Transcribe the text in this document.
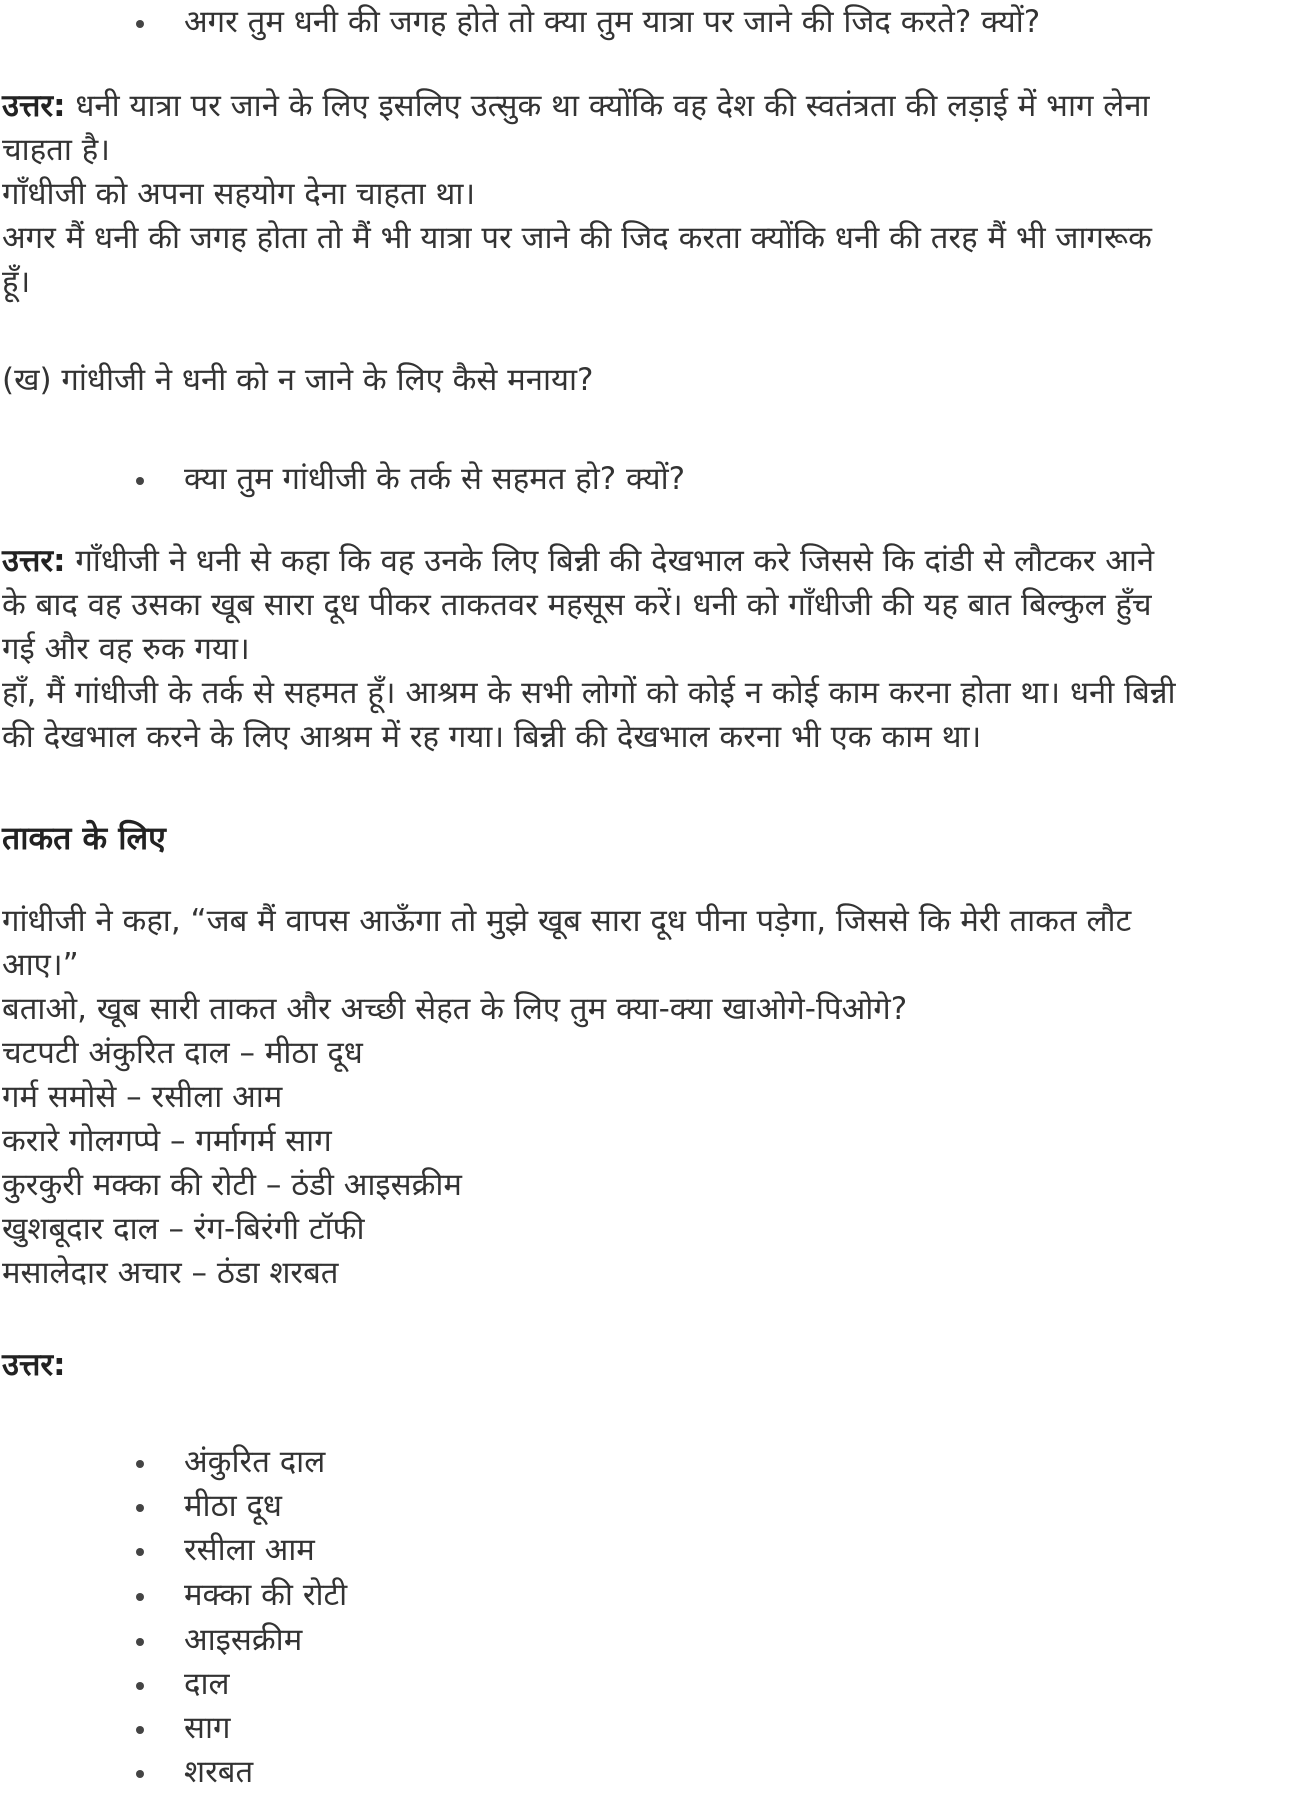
अगर तुम धनी की जगह होते तो क्या तुम यात्रा पर जाने की जिद करते? क्यों?
उत्तर: धनी यात्रा पर जाने के लिए इसलिए उत्सुक था क्योंकि वह देश की स्वतंत्रता की लड़ाई में भाग लेना
चाहता है।
गाँधीजी को अपना सहयोग देना चाहता था।
अगर मैं धनी की जगह होता तो मैं भी यात्रा पर जाने की जिद करता क्योंकि धनी की तरह मैं भी जागरूक
हूँ।
(ख) गांधीजी ने धनी को न जाने के लिए कैसे मनाया?
क्या तुम गांधीजी के तर्क से सहमत हो? क्यों?
उत्तर: गाँधीजी ने धनी से कहा कि वह उनके लिए बिन्नी की देखभाल करे जिससे कि दांडी से लौटकर आने
के बाद वह उसका खूब सारा दूध पीकर ताकतवर महसूस करें। धनी को गाँधीजी की यह बात बिल्कुल हुँच
गई और वह रुक गया।
हाँ, मैं गांधीजी के तर्क से सहमत हूँ। आश्रम के सभी लोगों को कोई न कोई काम करना होता था। धनी बिन्नी
की देखभाल करने के लिए आश्रम में रह गया। बिन्नी की देखभाल करना भी एक काम था।
ताकत के लिए
गांधीजी ने कहा, “जब मैं वापस आऊँगा तो मुझे खूब सारा दूध पीना पड़ेगा, जिससे कि मेरी ताकत लौट
आए।”
बताओ, खूब सारी ताकत और अच्छी सेहत के लिए तुम क्या-क्या खाओगे-पिओगे?
चटपटी अंकुरित दाल – मीठा दूध
गर्म समोसे – रसीला आम
करारे गोलगप्पे – गर्मागर्म साग
कुरकुरी मक्का की रोटी – ठंडी आइसक्रीम
खुशबूदार दाल – रंग-बिरंगी टॉफी
मसालेदार अचार – ठंडा शरबत
उत्तर:
अंकुरित दाल
मीठा दूध
रसीला आम
मक्का की रोटी
आइसक्रीम
दाल
साग
शरबत
